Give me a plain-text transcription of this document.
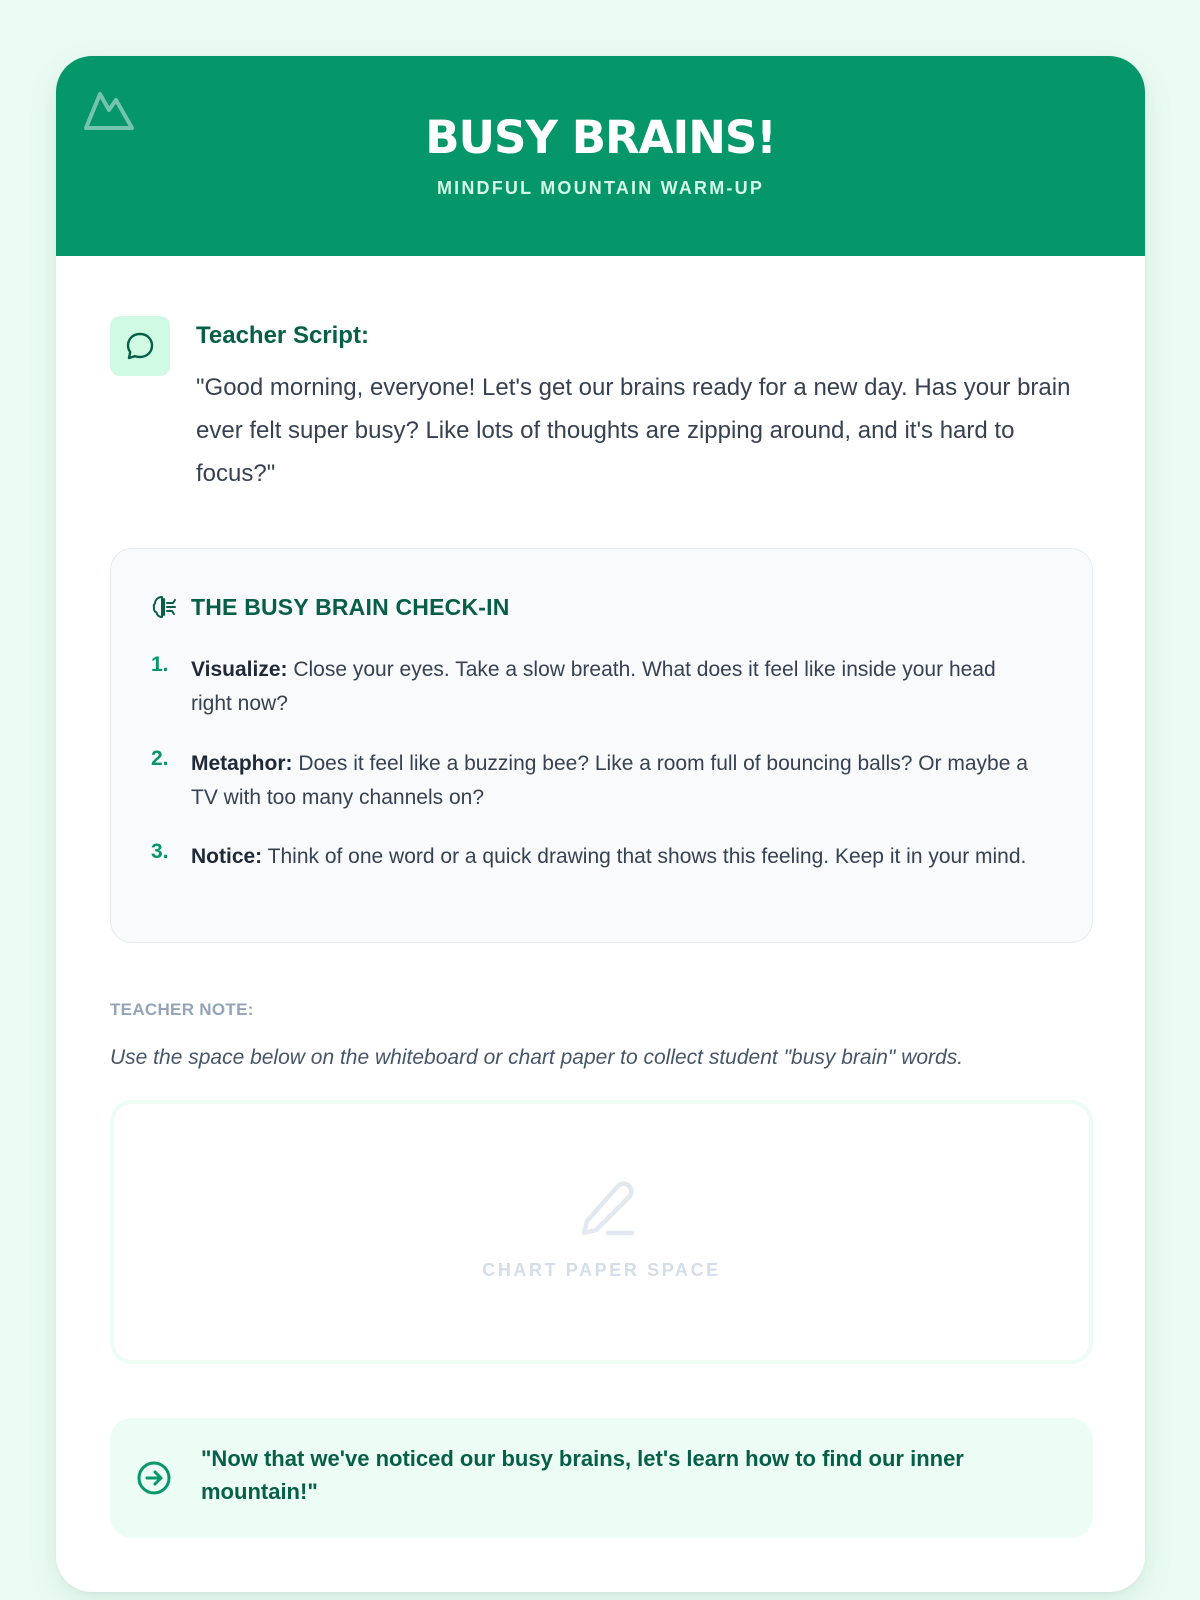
BUSY BRAINS!
MINDFUL MOUNTAIN WARM-UP
Teacher Script:
"Good morning, everyone! Let's get our brains ready for a new day. Has your brain ever felt super busy? Like lots of thoughts are zipping around, and it's hard to focus?"
THE BUSY BRAIN CHECK-IN
1. Visualize: Close your eyes. Take a slow breath. What does it feel like inside your head right now?
2. Metaphor: Does it feel like a buzzing bee? Like a room full of bouncing balls? Or maybe a TV with too many channels on?
3. Notice: Think of one word or a quick drawing that shows this feeling. Keep it in your mind.
TEACHER NOTE:
Use the space below on the whiteboard or chart paper to collect student "busy brain" words.
CHART PAPER SPACE
"Now that we've noticed our busy brains, let's learn how to find our inner mountain!"
